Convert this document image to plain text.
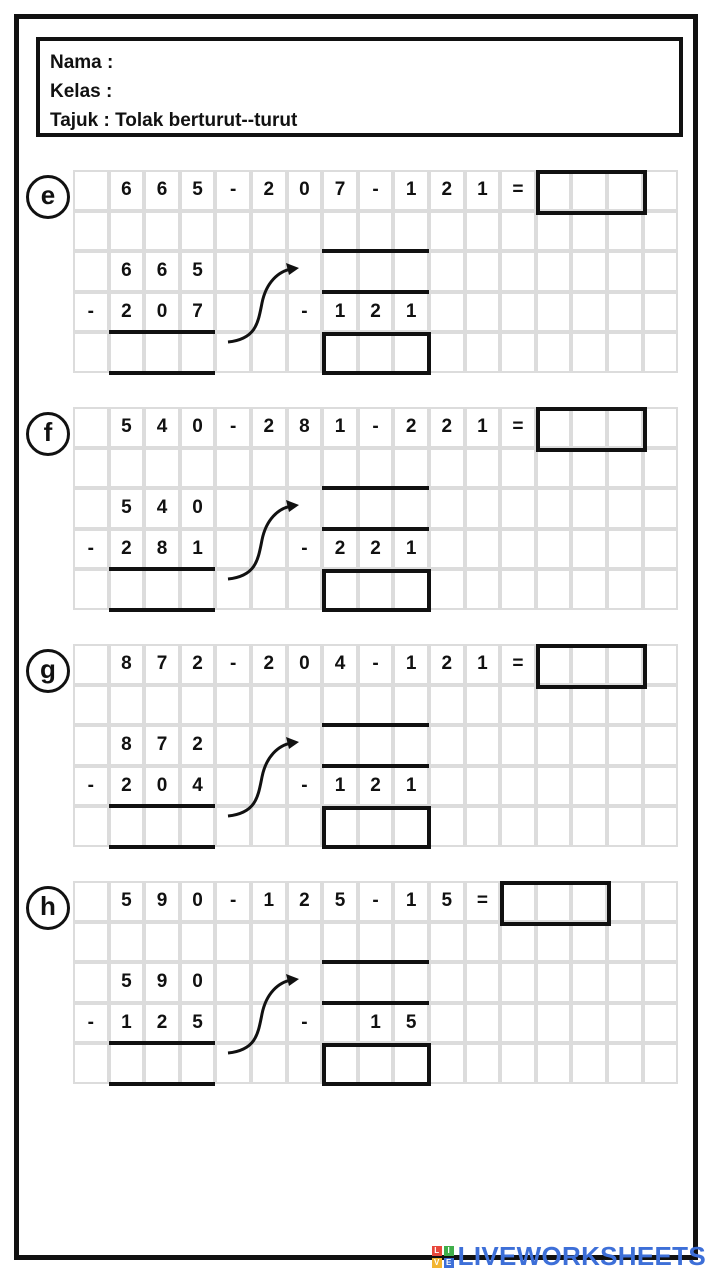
Nama :
Kelas :
Tajuk : Tolak berturut--turut
e	6	6	5	-	2	0	7	-	1	2	1	=
6	6	5
-	2	0	7	-	1	2	1
f	5	4	0	-	2	8	1	-	2	2	1	=
5	4	0
-	2	8	1	-	2	2	1
g	8	7	2	-	2	0	4	-	1	2	1	=
8	7	2
-	2	0	4	-	1	2	1
h	5	9	0	-	1	2	5	-	1	5	=
5	9	0
-	1	2	5	-	1	5
L	I
V E LIVEWORKSHEETS
